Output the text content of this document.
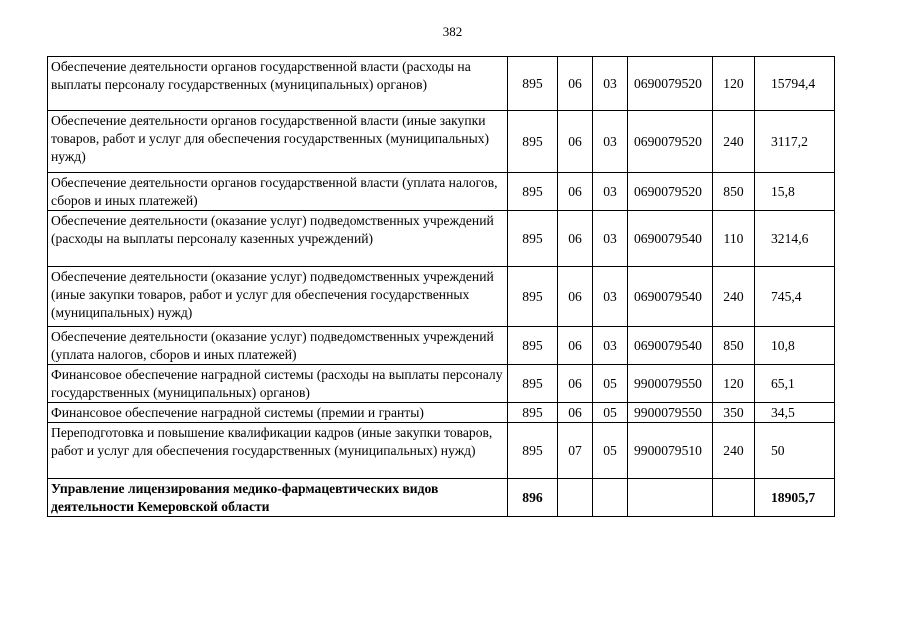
382
Обеспечение деятельности органов государственной власти (расходы на выплаты персоналу государственных (муниципальных) органов)	895	06	03	0690079520	120	15794,4
Обеспечение деятельности органов государственной власти (иные закупки товаров, работ и услуг для обеспечения государственных (муниципальных) нужд)	895	06	03	0690079520	240	3117,2
Обеспечение деятельности органов государственной власти (уплата налогов, сборов и иных платежей)	895	06	03	0690079520	850	15,8
Обеспечение деятельности (оказание услуг) подведомственных учреждений (расходы на выплаты персоналу казенных учреждений)	895	06	03	0690079540	110	3214,6
Обеспечение деятельности (оказание услуг) подведомственных учреждений (иные закупки товаров, работ и услуг для обеспечения государственных (муниципальных) нужд)	895	06	03	0690079540	240	745,4
Обеспечение деятельности (оказание услуг) подведомственных учреждений (уплата налогов, сборов и иных платежей)	895	06	03	0690079540	850	10,8
Финансовое обеспечение наградной системы (расходы на выплаты персоналу государственных (муниципальных) органов)	895	06	05	9900079550	120	65,1
Финансовое обеспечение наградной системы (премии и гранты)	895	06	05	9900079550	350	34,5
Переподготовка и повышение квалификации кадров (иные закупки товаров, работ и услуг для обеспечения государственных (муниципальных) нужд)	895	07	05	9900079510	240	50
Управление лицензирования медико-фармацевтических видов деятельности Кемеровской области	896					18905,7
